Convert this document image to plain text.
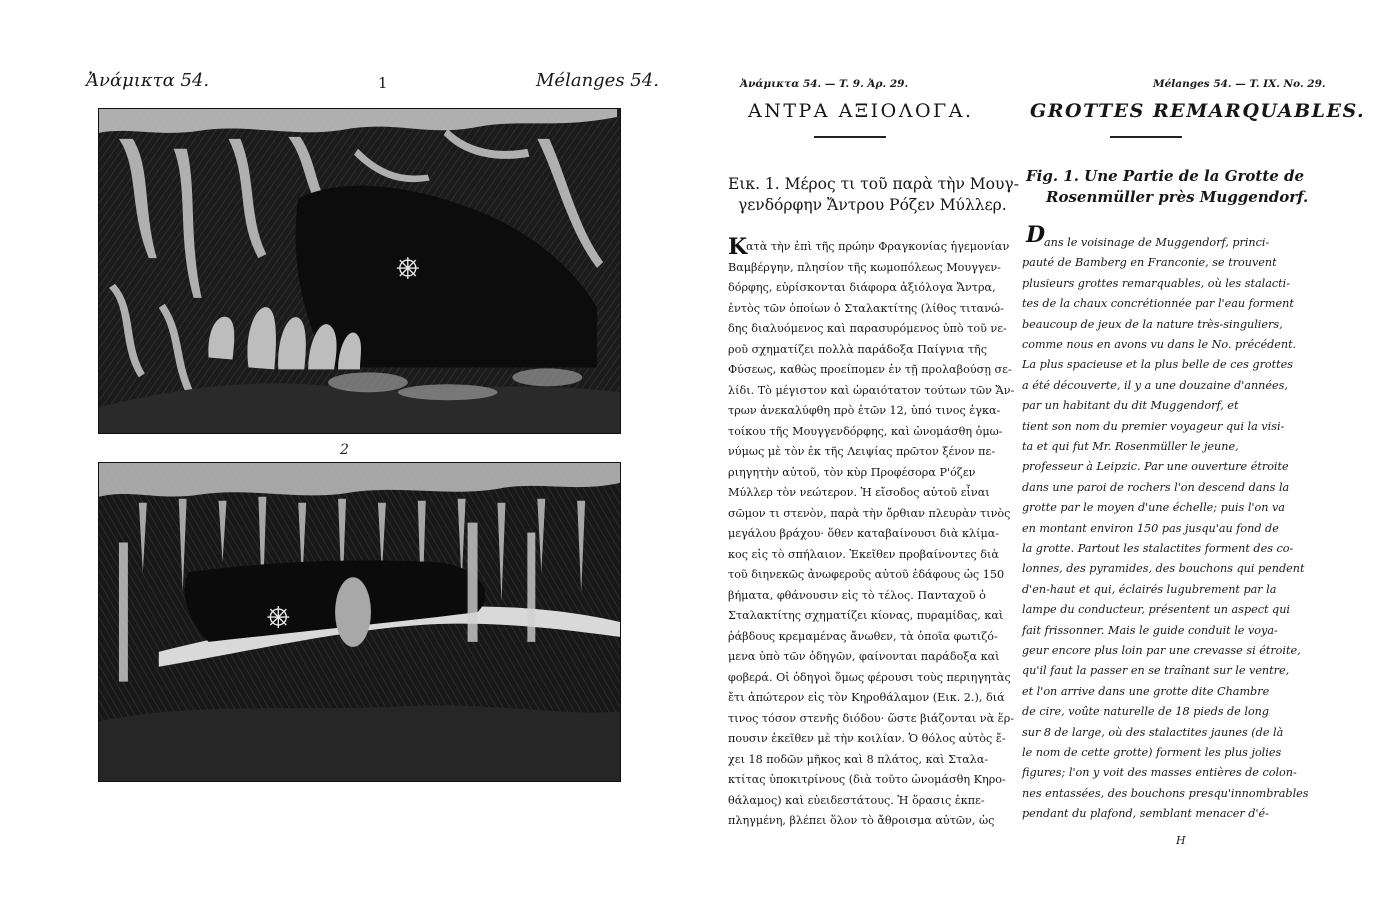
Ἀνάμικτα 54.	1	Mélanges 54.
2
Ἀνάμικτα 54. — T. 9. Ἀρ. 29.	Mélanges 54. — T. IX. No. 29.
ΑΝΤΡΑ ΑΞΙΟΛΟΓΑ.	GROTTES REMARQUABLES.
Εικ. 1. Μέρος τι τοῦ παρὰ τὴν Μουγ-
γενδόρφην Ἄντρου Ρόζεν Μύλλερ.
Fig. 1. Une Partie de la Grotte de
Rosenmüller près Muggendorf.
Κ
ατὰ τὴν ἐπὶ τῆς πρώην Φραγκονίας ἡγεμονίαν
Βαμβέργην, πλησίον τῆς κωμοπόλεως Μουγγεν-
δόρφης, εὑρίσκονται διάφορα ἀξιόλογα Ἄντρα,
ἐντὸς τῶν ὁποίων ὁ Σταλακτίτης (λίθος τιτανώ-
δης διαλυόμενος καὶ παρασυρόμενος ὑπὸ τοῦ νε-
ροῦ σχηματίζει πολλὰ παράδοξα Παίγνια τῆς
Φύσεως, καθὼς προείπομεν ἐν τῇ προλαβούσῃ σε-
λίδι. Τὸ μέγιστον καὶ ὡραιότατον τούτων τῶν Ἄν-
τρων ἀνεκαλύφθη πρὸ ἐτῶν 12, ὑπό τινος ἐγκα-
τοίκου τῆς Μουγγενδόρφης, καὶ ὠνομάσθη ὁμω-
νύμως μὲ τὸν ἐκ τῆς Λειψίας πρῶτον ξένον πε-
ριηγητὴν αὐτοῦ, τὸν κὺρ Προφέσορα Ρ'όζεν
Μύλλερ τὸν νεώτερον. Ἡ εἴσοδος αὐτοῦ εἶναι
σῶμον τι στενὸν, παρὰ τὴν ὄρθιαν πλευρὰν τινὸς
μεγάλου βράχου· ὅθεν καταβαίνουσι διὰ κλίμα-
κος εἰς τὸ σπήλαιον. Ἐκεῖθεν προβαίνοντες διὰ
τοῦ διηνεκῶς ἀνωφεροῦς αὐτοῦ ἐδάφους ὡς 150
βήματα, φθάνουσιν εἰς τὸ τέλος. Πανταχοῦ ὁ
Σταλακτίτης σχηματίζει κίονας, πυραμίδας, καὶ
ῥάβδους κρεμαμένας ἄνωθεν, τὰ ὁποῖα φωτιζό-
μενα ὑπὸ τῶν ὁδηγῶν, φαίνονται παράδοξα καὶ
φοβερά. Οἱ ὁδηγοὶ ὅμως φέρουσι τοὺς περιηγητὰς
ἔτι ἀπώτερον εἰς τὸν Κηροθάλαμον (Εικ. 2.), διά
τινος τόσον στενῆς διόδου· ὥστε βιάζονται νὰ ἕρ-
πουσιν ἐκεῖθεν μὲ τὴν κοιλίαν. Ὁ θόλος αὐτὸς ἔ-
χει 18 ποδῶν μῆκος καὶ 8 πλάτος, καὶ Σταλα-
κτίτας ὑποκιτρίνους (διὰ τοῦτο ὠνομάσθη Κηρο-
θάλαμος) καὶ εὐειδεστάτους. Ἡ ὅρασις ἐκπε-
πληγμένη, βλέπει ὅλον τὸ ἄθροισμα αὐτῶν, ὡς
D
ans le voisinage de Muggendorf, princi-
pauté de Bamberg en Franconie, se trouvent
plusieurs grottes remarquables, où les stalacti-
tes de la chaux concrétionnée par l'eau forment
beaucoup de jeux de la nature très-singuliers,
comme nous en avons vu dans le No. précédent.
La plus spacieuse et la plus belle de ces grottes
a été découverte, il y a une douzaine d'années,
par un habitant du dit Muggendorf, et
tient son nom du premier voyageur qui la visi-
ta et qui fut Mr. Rosenmüller le jeune,
professeur à Leipzic. Par une ouverture étroite
dans une paroi de rochers l'on descend dans la
grotte par le moyen d'une échelle; puis l'on va
en montant environ 150 pas jusqu'au fond de
la grotte. Partout les stalactites forment des co-
lonnes, des pyramides, des bouchons qui pendent
d'en-haut et qui, éclairés lugubrement par la
lampe du conducteur, présentent un aspect qui
fait frissonner. Mais le guide conduit le voya-
geur encore plus loin par une crevasse si étroite,
qu'il faut la passer en se traînant sur le ventre,
et l'on arrive dans une grotte dite Chambre
de cire, voûte naturelle de 18 pieds de long
sur 8 de large, où des stalactites jaunes (de là
le nom de cette grotte) forment les plus jolies
figures; l'on y voit des masses entières de colon-
nes entassées, des bouchons presqu'innombrables
pendant du plafond, semblant menacer d'é-
H
